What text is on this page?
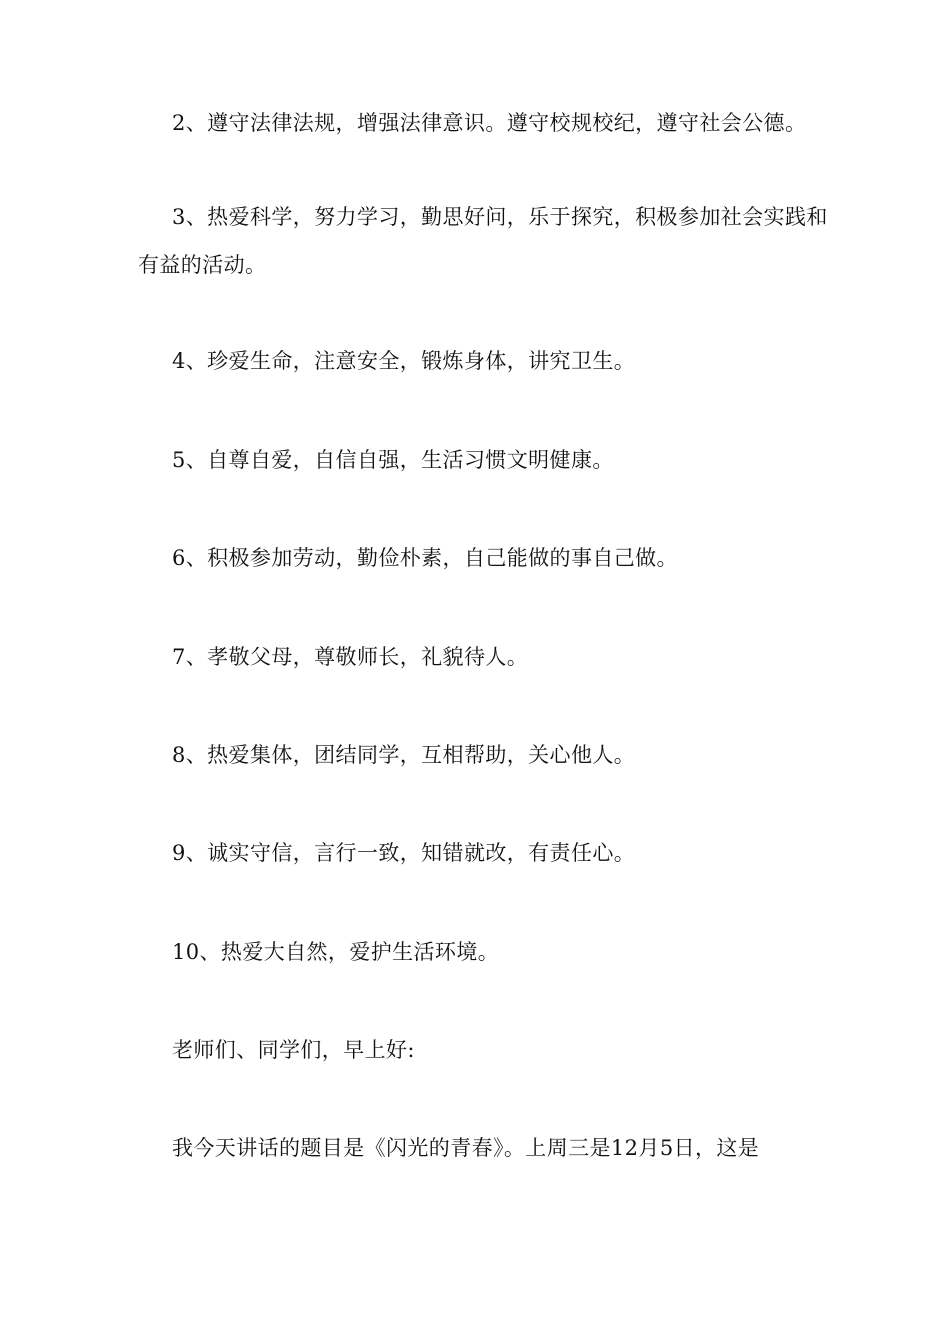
2、遵守法律法规，增强法律意识。遵守校规校纪，遵守社会公德。

3、热爱科学，努力学习，勤思好问，乐于探究，积极参加社会实践和有益的活动。

4、珍爱生命，注意安全，锻炼身体，讲究卫生。

5、自尊自爱，自信自强，生活习惯文明健康。

6、积极参加劳动，勤俭朴素，自己能做的事自己做。

7、孝敬父母，尊敬师长，礼貌待人。

8、热爱集体，团结同学，互相帮助，关心他人。

9、诚实守信，言行一致，知错就改，有责任心。

10、热爱大自然，爱护生活环境。

老师们、同学们，早上好:

我今天讲话的题目是《闪光的青春》。上周三是12月5日，这是
